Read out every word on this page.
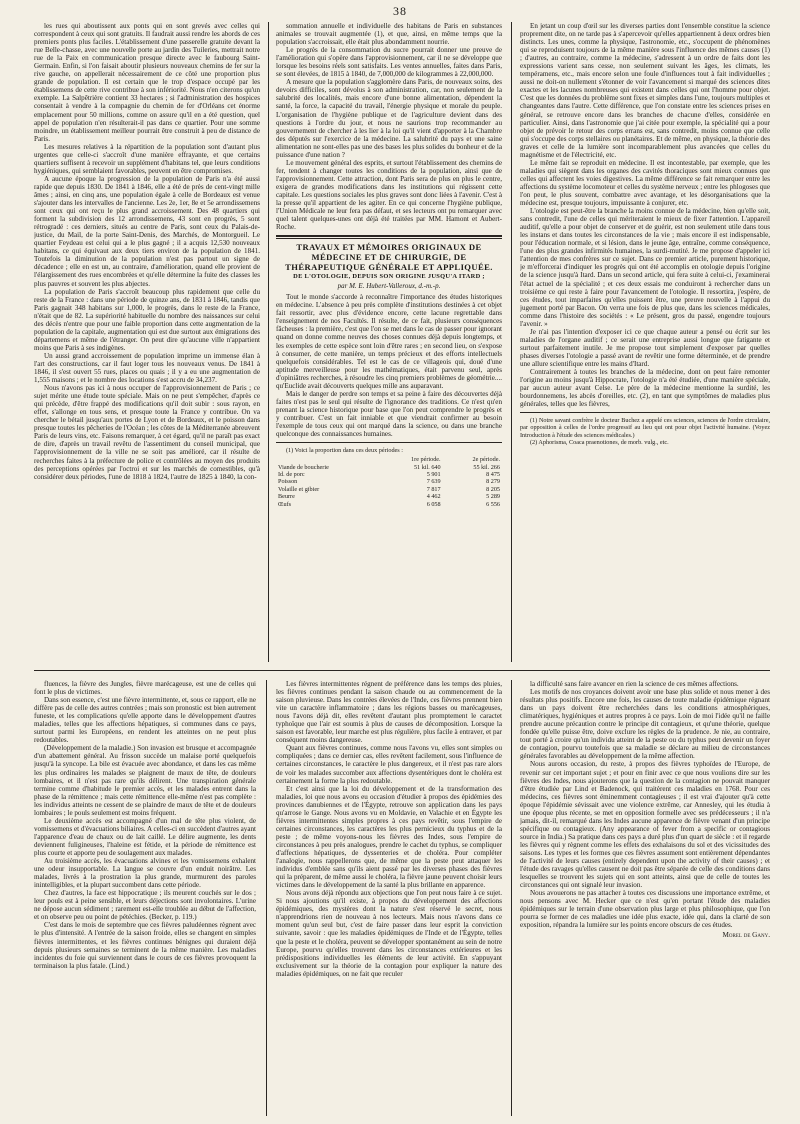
38

les rues qui aboutissent aux ponts qui en sont grevés avec celles qui correspondent à ceux qui sont gratuits. Il faudrait aussi rendre les abords de ces premiers ponts plus faciles. L'établissement d'une passerelle gratuite devant la rue Belle-chasse, avec une nouvelle porte au jardin des Tuileries, mettrait notre rue de la Paix en communication presque directe avec le faubourg Saint-Germain. Enfin, si l'on faisait aboutir plusieurs nouveaux chemins de fer sur la rive gauche, on appellerait nécessairement de ce côté une proportion plus grande de population. Il est certain que le trop d'espace occupé par les établissemens de cette rive contribue à son infériorité. Nous n'en citerons qu'un exemple. La Salpêtrière contient 33 hectares ; si l'administration des hospices consentait à vendre à la compagnie du chemin de fer d'Orléans cet énorme emplacement pour 50 millions, comme on assure qu'il en a été question, quel appel de population n'en résulterait-il pas dans ce quartier. Pour une somme moindre, un établissement meilleur pourrait être construit à peu de distance de Paris.

Les mesures relatives à la répartition de la population sont d'autant plus urgentes que celle-ci s'accroît d'une manière effrayante, et que certains quartiers suffisent à recevoir un supplément d'habitans tel, que leurs conditions hygiéniques, qui semblaient favorables, peuvent en être compromises.

A aucune époque la progression de la population de Paris n'a été aussi rapide que depuis 1830. De 1841 à 1846, elle a été de près de cent-vingt mille âmes ; ainsi, en cinq ans, une population égale à celle de Bordeaux est venue s'ajouter dans les intervalles de l'ancienne. Les 2e, 1er, 8e et 5e arrondissemens sont ceux qui ont reçu le plus grand accroissement. Des 48 quartiers qui forment la subdivision des 12 arrondissemens, 43 sont en progrès, 5 sont rétrogradé : ces derniers, situés au centre de Paris, sont ceux du Palais-de-justice, du Mail, de la porte Saint-Denis, des Marchés, de Montorgueil. Le quartier Feydeau est celui qui a le plus gagné ; il a acquis 12,530 nouveaux habitans, ce qui équivaut aux deux tiers environ de la population de 1841. Toutefois la diminution de la population n'est pas partout un signe de décadence ; elle en est un, au contraire, d'amélioration, quand elle provient de l'élargissement des rues encombrées et qu'elle détermine la fuite des classes les plus pauvres et souvent les plus abjectes.

La population de Paris s'accroît beaucoup plus rapidement que celle du reste de la France : dans une période de quinze ans, de 1831 à 1846, tandis que Paris gagnait 348 habitans sur 1,000, le progrès, dans le reste de la France, n'était que de 82. La supériorité habituelle du nombre des naissances sur celui des décès n'entre que pour une faible proportion dans cette augmentation de la population de la capitale, augmentation qui est due surtout aux émigrations des départemens et même de l'étranger. On peut dire qu'aucune ville n'appartient moins que Paris à ses indigènes.

Un aussi grand accroissement de population imprime un immense élan à l'art des constructions, car il faut loger tous les nouveaux venus. De 1841 à 1846, il s'est ouvert 55 rues, places ou quais ; il y a eu une augmentation de 1,555 maisons ; et le nombre des locations s'est accru de 34,237.

Nous n'avons pas ici à nous occuper de l'approvisionnement de Paris ; ce sujet mérite une étude toute spéciale. Mais on ne peut s'empêcher, d'après ce qui précède, d'être frappé des modifications qu'il doit subir : sous rayon, en effet, s'allonge en tous sens, et presque toute la France y contribue. On va chercher le bétail jusqu'aux portes de Lyon et de Bordeaux, et le poisson dans presque toutes les pêcheries de l'Océan ; les côtes de la Méditerranée abreuvent Paris de leurs vins, etc. Faisons remarquer, à cet égard, qu'il ne paraît pas exact de dire, d'après un travail revêtu de l'assentiment du conseil municipal, que l'approvisionnement de la ville ne se soit pas amélioré, car il résulte de recherches faites à la préfecture de police et contrôlées au moyen des produits des perceptions opérées par l'octroi et sur les marchés de comestibles, qu'à considérer deux périodes, l'une de 1818 à 1824, l'autre de 1825 à 1840, la con-

sommation annuelle et individuelle des habitans de Paris en substances animales se trouvait augmentée (1), et que, ainsi, en même temps que la population s'accroissait, elle était plus abondamment nourrie.

Le progrès de la consommation du sucre pourrait donner une preuve de l'amélioration qui s'opère dans l'approvisionnement, car il ne se développe que lorsque les besoins réels sont satisfaits. Les ventes annuelles, faites dans Paris, se sont élevées, de 1815 à 1840, de 7,000,000 de kilogrammes à 22,000,000.

A mesure que la population s'agglomère dans Paris, de nouveaux soins, des devoirs difficiles, sont dévolus à son administration, car, non seulement de la salubrité des localités, mais encore d'une bonne alimentation, dépendent la santé, la force, la capacité du travail, l'énergie physique et morale du peuple. L'organisation de l'hygiène publique et de l'agriculture devient dans des questions à l'ordre du jour, et nous ne saurions trop recommander au gouvernement de chercher à les lier à la loi qu'il vient d'apporter à la Chambre des députés sur l'exercice de la médecine. La salubrité du pays et une saine alimentation ne sont-elles pas une des bases les plus solides du bonheur et de la puissance d'une nation ?

Le mouvement général des esprits, et surtout l'établissement des chemins de fer, tendent à changer toutes les conditions de la population, ainsi que de l'approvisionnement. Cette attraction, dont Paris sera de plus en plus le centre, exigera de grandes modifications dans les institutions qui régissent cette capitale. Les questions sociales les plus graves sont donc liées à l'avenir. C'est à la presse qu'il appartient de les agiter. En ce qui concerne l'hygiène publique, l'Union Médicale ne leur fera pas défaut, et ses lecteurs ont pu remarquer avec quel talent quelques-unes ont déjà été traitées par MM. Hamont et Aubert-Roche.

TRAVAUX ET MÉMOIRES ORIGINAUX DE MÉDECINE ET DE CHIRURGIE, DE THÉRAPEUTIQUE GÉNÉRALE ET APPLIQUÉE.
DE L'OTOLOGIE, DEPUIS SON ORIGINE JUSQU'A ITARD ;
par M. E. Hubert-Valleroux, d.-m.-p.

Tout le monde s'accorde à reconnaître l'importance des études historiques en médecine. L'absence à peu près complète d'institutions destinées à cet objet fait ressortir, avec plus d'évidence encore, cette lacune regrettable dans l'enseignement de nos Facultés. Il résulte, de ce fait, plusieurs conséquences fâcheuses : la première, c'est que l'on se met dans le cas de passer pour ignorant quand on donne comme neuves des choses connues déjà depuis longtemps, et les exemples de cette espèce sont loin d'être rares ; en second lieu, on s'expose à consumer, de cette manière, un temps précieux et des efforts intellectuels quelquefois considérables. Tel est le cas de ce villageois qui, doué d'une aptitude merveilleuse pour les mathématiques, était parvenu seul, après d'opiniâtres recherches, à résoudre les cinq premiers problèmes de géométrie.... qu'Euclide avait découverts quelques mille ans auparavant.

Mais le danger de perdre son temps et sa peine à faire des découvertes déjà faites n'est pas le seul qui résulte de l'ignorance des traditions. Ce n'est qu'en prenant la science historique pour base que l'on peut comprendre le progrès et y contribuer. C'est un fait inniable et que viendrait confirmer au besoin l'exemple de tous ceux qui ont marqué dans la science, ou dans une branche quelconque des connaissances humaines.

(1) Voici la proportion dans ces deux périodes :

	1re période.	2e période.
Viande de boucherie	51 kil. 640	55 kil. 266
Id. de porc	5 901	8 475
Poisson	7 639	8 279
Volaille et gibier	7 817	8 205
Beurre	4 462	5 289
Œufs	6 058	6 556

En jetant un coup d'œil sur les diverses parties dont l'ensemble constitue la science proprement dite, on ne tarde pas à s'apercevoir qu'elles appartiennent à deux ordres bien distincts. Les unes, comme la physique, l'astronomie, etc., s'occupent de phénomènes qui se reproduisent toujours de la même manière sous l'influence des mêmes causes (1) ; d'autres, au contraire, comme la médecine, s'adressent à un ordre de faits dont les expressions varient sans cesse, non seulement suivant les âges, les climats, les tempéramens, etc., mais encore selon une foule d'influences tout à fait individuelles ; aussi ne doit-on nullement s'étonner de voir l'avancement si marqué des sciences dites exactes et les lacunes nombreuses qui existent dans celles qui ont l'homme pour objet. C'est que les données du problème sont fixes et simples dans l'une, toujours multiples et changeantes dans l'autre. Cette différence, que l'on constate entre les sciences prises en général, se retrouve encore dans les branches de chacune d'elles, considérée en particulier. Ainsi, dans l'astronomie que j'ai citée pour exemple, la spécialité qui a pour objet de prévoir le retour des corps errans est, sans contredit, moins connue que celle qui s'occupe des corps stellaires ou planétaires. Et de même, en physique, la théorie des graves et celle de la lumière sont incomparablement plus avancées que celles du magnétisme et de l'électricité, etc.

Le même fait se reproduit en médecine. Il est incontestable, par exemple, que les maladies qui siègent dans les organes des cavités thoraciques sont mieux connues que celles qui affectent les voies digestives. La même différence se fait remarquer entre les affections du système locomoteur et celles du système nerveux ; entre les phlogoses que l'on peut, le plus souvent, combattre avec avantage, et les désorganisations que la médecine est, presque toujours, impuissante à conjurer, etc.

L'otologie est peut-être la branche la moins connue de la médecine, bien qu'elle soit, sans contredit, l'une de celles qui mériteraient le mieux de fixer l'attention. L'appareil auditif, qu'elle a pour objet de conserver et de guérir, est non seulement utile dans tous les instans et dans toutes les circonstances de la vie ; mais encore il est indispensable, pour l'éducation normale, et si lésion, dans le jeune âge, entraîne, comme conséquence, l'une des plus grandes infirmités humaines, la surdi-mutité. Je me propose d'appeler ici l'attention de mes confrères sur ce sujet. Dans ce premier article, purement historique, je m'efforcerai d'indiquer les progrès qui ont été accomplis en otologie depuis l'origine de la science jusqu'à Itard. Dans un second article, qui fera suite à celui-ci, j'examinerai l'état actuel de la spécialité ; et ces deux essais me conduiront à rechercher dans un troisième ce qui reste à faire pour l'avancement de l'otologie. Il ressortira, j'espère, de ces études, tout imparfaites qu'elles puissent être, une preuve nouvelle à l'appui du jugement porté par Bacon. On verra une fois de plus que, dans les sciences médicales, comme dans l'histoire des sociétés : « Le présent, gros du passé, engendre toujours l'avenir. »

Je n'ai pas l'intention d'exposer ici ce que chaque auteur a pensé ou écrit sur les maladies de l'organe auditif ; ce serait une entreprise aussi longue que fatigante et surtout parfaitement inutile. Je me propose tout simplement d'exposer par quelles phases diverses l'otologie a passé avant de revêtir une forme déterminée, et de prendre une allure scientifique entre les mains d'Itard.

Contrairement à toutes les branches de la médecine, dont on peut faire remonter l'origine au moins jusqu'à Hippocrate, l'otologie n'a été étudiée, d'une manière spéciale, par aucun auteur avant Celse. Le père de la médecine mentionne la surdité, les bourdonnemens, les abcès d'oreilles, etc. (2), en tant que symptômes de maladies plus générales, telles que les fièvres,

(1) Notre savant confrère le docteur Buchez a appelé ces sciences, sciences de l'ordre circulaire, par opposition à celles de l'ordre progressif au lieu qui ont pour objet l'activité humaine. (Voyez Introduction à l'étude des sciences médicales.)

(2) Aphorisma, Coaca praenotiones, de morb. vulg., etc.

fluences, la fièvre des Jungles, fièvre marécageuse, est une de celles qui font le plus de victimes.

Dans son essence, c'est une fièvre intermittente, et, sous ce rapport, elle ne diffère pas de celle des autres contrées ; mais son pronostic est bien autrement funeste, et les complications qu'elle apporte dans le développement d'autres maladies, telles que les affections hépatiques, si communes dans ce pays, surtout parmi les Européens, en rendent les atteintes on ne peut plus redoutables.

(Développement de la maladie.) Son invasion est brusque et accompagnée d'un abattement général. Au frisson succède un malaise porté quelquefois jusqu'à la syncope. La bile est évacuée avec abondance, et dans les cas même les plus ordinaires les malades se plaignent de maux de tête, de douleurs lombaires, et il n'est pas rare qu'ils délirent. Une transpiration générale termine comme d'habitude le premier accès, et les malades entrent dans la phase de la rémittence ; mais cette rémittence elle-même n'est pas complète : les individus atteints ne cessent de se plaindre de maux de tête et de douleurs lombaires ; le pouls seulement est moins fréquent.

Le deuxième accès est accompagné d'un mal de tête plus violent, de vomissemens et d'évacuations biliaires. A celles-ci en succèdent d'autres ayant l'apparence d'eau de chaux ou de lait caillé. Le délire augmente, les dents deviennent fuligineuses, l'haleine est fétide, et la période de rémittence est plus courte et apporte peu de soulagement aux malades.

Au troisième accès, les évacuations alvines et les vomissemens exhalent une odeur insupportable. La langue se couvre d'un enduit noirâtre. Les malades, livrés à la prostration la plus grande, murmurent des paroles inintelligibles, et la plupart succombent dans cette période.

Chez d'autres, la face est hippocratique ; ils meurent couchés sur le dos ; leur pouls est à peine sensible, et leurs déjections sont involontaires. L'urine ne dépose aucun sédiment ; rarement est-elle troublée au début de l'affection, et on observe peu ou point de pétéchies. (Becker, p. 119.)

C'est dans le mois de septembre que ces fièvres paludéennes règnent avec le plus d'intensité. A l'entrée de la saison froide, elles se changent en simples fièvres intermittentes, et les fièvres continues bénignes qui duraient déjà depuis plusieurs semaines se terminent de la même manière. Les maladies incidentes du foie qui surviennent dans le cours de ces fièvres provoquent la terminaison la plus fatale. (Lind.)

Les fièvres intermittentes régnent de préférence dans les temps des pluies, les fièvres continues pendant la saison chaude ou au commencement de la saison pluvieuse. Dans les contrées élevées de l'Inde, ces fièvres prennent bien vite un caractère inflammatoire ; dans les régions basses ou marécageuses, nous l'avons déjà dit, elles revêtent d'autant plus promptement le caractet typhoïque que l'air est soumis à plus de causes de décomposition. Lorsque la saison est favorable, leur marche est plus régulière, plus facile à entraver, et par conséquent moins dangereuse.

Quant aux fièvres continues, comme nous l'avons vu, elles sont simples ou compliquées ; dans ce dernier cas, elles revêtent facilement, sous l'influence de certaines circonstances, le caractère le plus dangereux, et il n'est pas rare alors de voir les malades succomber aux affections dysentériques dont le choléra est certainement la forme la plus redoutable.

Et c'est ainsi que la loi du développement et de la transformation des maladies, loi que nous avons eu occasion d'étudier à propos des épidémies des provinces danubiennes et de l'Égypte, retrouve son application dans les pays qu'arrose le Gange. Nous avons vu en Moldavie, en Valachie et en Égypte les fièvres intermittentes simples propres à ces pays revêtir, sous l'empire de certaines circonstances, les caractères les plus pernicieux du typhus et de la peste ; de même voyons-nous les fièvres des Indes, sous l'empire de circonstances à peu près analogues, prendre le cachet du typhus, se compliquer d'affections hépatiques, de dyssenteries et de choléra. Pour compléter l'analogie, nous rappellerons que, de même que la peste peut attaquer les individus d'emblée sans qu'ils aient passé par les diverses phases des fièvres qui la préparent, de même aussi le choléra, la fièvre jaune peuvent choisir leurs victimes dans le développement de la santé la plus brillante en apparence.

Nous avons déjà répondu aux objections que l'on peut nous faire à ce sujet. Si nous ajoutions qu'il existe, à propos du développement des affections épidémiques, des mystères dont la nature s'est réservé le secret, nous n'apprendrions rien de nouveau à nos lecteurs. Mais nous n'avons dans ce moment qu'un seul but, c'est de faire passer dans leur esprit la conviction suivante, savoir : que les maladies épidémiques de l'Inde et de l'Égypte, telles que la peste et le choléra, peuvent se développer spontanément au sein de notre Europe, pourvu qu'elles trouvent dans les circonstances extérieures et les prédispositions individuelles les éléments de leur activité. En s'appuyant exclusivement sur la théorie de la contagion pour expliquer la nature des maladies épidémiques, on ne fait que reculer

la difficulté sans faire avancer en rien la science de ces mêmes affections.

Les motifs de nos croyances doivent avoir une base plus solide et nous mener à des résultats plus positifs. Encore une fois, les causes de toute maladie épidémique régnant dans un pays doivent être recherchées dans les conditions atmosphériques, climatériques, hygiéniques et autres propres à ce pays. Loin de moi l'idée qu'il ne faille prendre aucune précaution contre le principe dit contagieux, et qu'une théorie, quelque fondée qu'elle puisse être, doive exclure les règles de la prudence. Je nie, au contraire, tout porté à croire qu'un individu atteint de la peste ou du typhus peut devenir un foyer de contagion, pourvu toutefois que sa maladie se déclare au milieu de circonstances générales favorables au développement de la même affection.

Nous aurons occasion, du reste, à propos des fièvres typhoïdes de l'Europe, de revenir sur cet important sujet ; et pour en finir avec ce que nous voulions dire sur les fièvres des Indes, nous ajouterons que la question de la contagion ne pouvait manquer d'être étudiée par Lind et Badenock, qui traitèrent ces maladies en 1768. Pour ces médecins, ces fièvres sont éminemment contagieuses ; il est vrai d'ajouter qu'à cette époque l'épidémie sévissait avec une violence extrême, car Annesley, qui les étudia à une époque plus récente, se met en opposition formelle avec ses prédécesseurs ; il n'a jamais, dit-il, remarqué dans les Indes aucune apparence de fièvre venant d'un principe spécifique ou contagieux. (Any appearance of fever from a specific or contagious source in India.) Sa pratique dans ces pays a duré plus d'un quart de siècle : et il regarde les fièvres qui y règnent comme les effets des exhalaisons du sol et des vicissitudes des saisons. Les types et les formes que ces fièvres assument sont entièrement dépendantes de l'activité de leurs causes (entirely dependent upon the activity of their causes) ; et l'étude des ravages qu'elles causent ne doit pas être séparée de celle des conditions dans lesquelles se trouvent les sujets qui en sont atteints, ainsi que de celle de toutes les circonstances qui ont signalé leur invasion.

Nous avouerons ne pas attacher à toutes ces discussions une importance extrême, et nous pensons avec M. Hecker que ce n'est qu'en portant l'étude des maladies épidémiques sur le terrain d'une observation plus large et plus philosophique, que l'on pourra se former de ces maladies une idée plus exacte, idée qui, dans la clarté de son exposition, répandra la lumière sur les points encore obscurs de ces études.

Morel de Gany.
